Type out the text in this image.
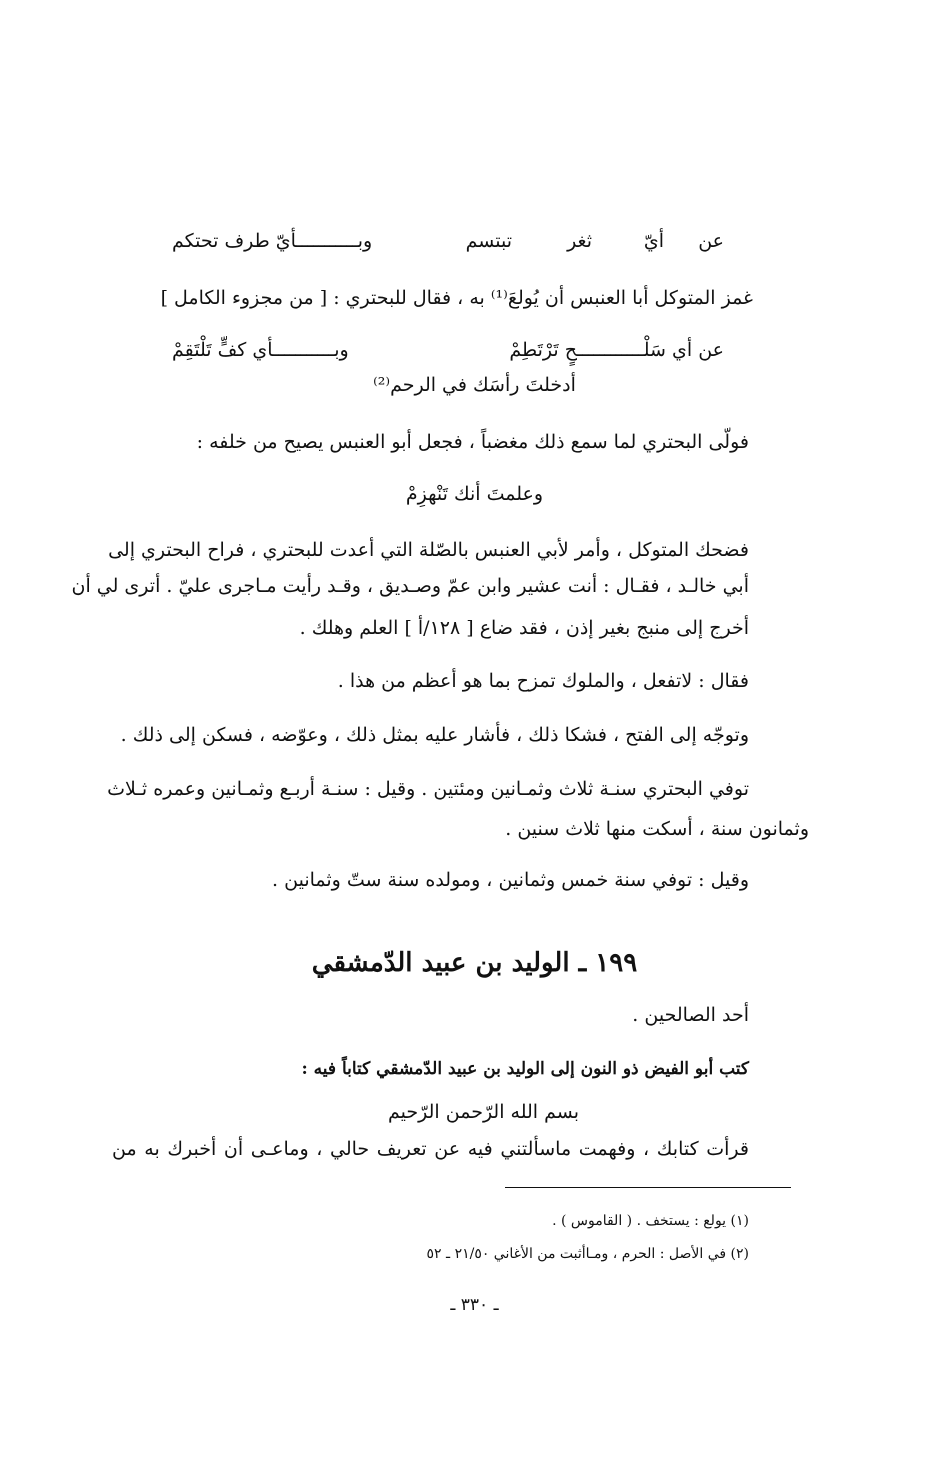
عن
أيّ
ثغر
تبتسم
وبـــــــــــأيّ طرف تحتكم
غمز المتوكل أبا العنبس أن يُولعَ⁽¹⁾ به ، فقال للبحتري : [ من مجزوء الكامل ]
عن أي سَلْــــــــــــحٍ تَرْتَطِمْ
وبـــــــــــأي كفٍّ تَلْتَقِمْ
أدخلتَ رأسَك في الرحم⁽²⁾
فولّى البحتري لما سمع ذلك مغضباً ، فجعل أبو العنبس يصيح من خلفه :
وعلمتَ أنك تَنْهزِمْ
فضحك المتوكل ، وأمر لأبي العنبس بالصّلة التي أعدت للبحتري ، فراح البحتري إلى
أبي خالـد ، فقـال : أنت عشير وابن عمّ وصـديق ، وقـد رأيت مـاجرى عليّ . أترى لي أن
أخرج إلى منبج بغير إذن ، فقد ضاع [ ١٢٨/أ ] العلم وهلك .
فقال : لاتفعل ، والملوك تمزح بما هو أعظم من هذا .
وتوجّه إلى الفتح ، فشكا ذلك ، فأشار عليه بمثل ذلك ، وعوّضه ، فسكن إلى ذلك .
توفي البحتري سنـة ثلاث وثمـانين ومئتين . وقيل : سنـة أربـع وثمـانين وعمره ثـلاث
وثمانون سنة ، أسكت منها ثلاث سنين .
وقيل : توفي سنة خمس وثمانين ، ومولده سنة ستّ وثمانين .
١٩٩ ـ الوليد بن عبيد الدّمشقي
أحد الصالحين .
كتب أبو الفيض ذو النون إلى الوليد بن عبيد الدّمشقي كتاباً فيه :
بسم الله الرّحمن الرّحيم
قرأت كتابك ، وفهمت ماسألتني فيه عن تعريف حالي ، وماعـى أن أخبرك به من
(١) يولع : يستخف . ( القاموس ) .
(٢) في الأصل : الحرم ، ومـاأثبت من الأغاني ٢١/٥٠ ـ ٥٢
ـ ٣٣٠ ـ
